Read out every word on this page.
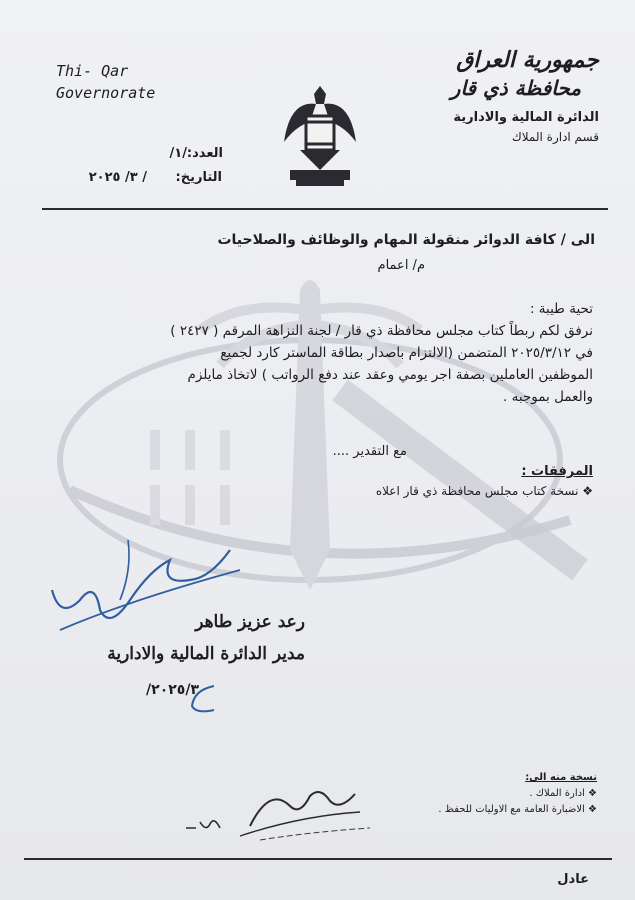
Thi- Qar
Governorate
جمهورية العراق
محافظة ذي قار
الدائرة المالية والادارية
قسم ادارة الملاك
العدد:/١/
التاريخ: / ٣/ ٢٠٢٥
الى / كافة الدوائر منقولة المهام والوظائف والصلاحيات
م/ اعمام
تحية طيبة :
نرفق لكم ربطاً كتاب مجلس محافظة ذي قار / لجنة النزاهة المرقم ( ٢٤٢٧ )
في ٢٠٢٥/٣/١٢ المتضمن (الالتزام باصدار بطاقة الماستر كارد لجميع
الموظفين العاملين بصفة اجر يومي وعقد عند دفع الرواتب ) لاتخاذ مايلزم
والعمل بموجبه .
مع التقدير ....
المرفقات :
❖ نسخة كتاب مجلس محافظة ذي قار اعلاه
رعد عزيز طاهر
مدير الدائرة المالية والادارية
٢٠٢٥/٣/
نسخة منه الى:
❖ ادارة الملاك .
❖ الاضبارة العامة مع الاوليات للحفظ .
عادل
